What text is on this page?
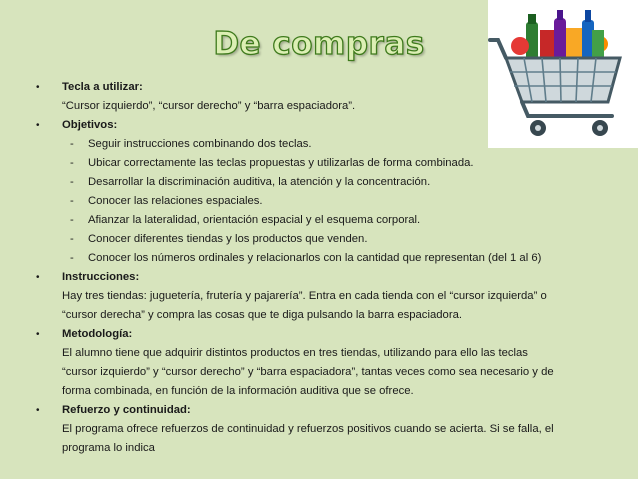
De compras
• Tecla a utilizar:
“Cursor izquierdo”, “cursor derecho” y “barra espaciadora”.
• Objetivos:
- Seguir instrucciones combinando dos teclas.
- Ubicar correctamente las teclas propuestas y utilizarlas de forma combinada.
- Desarrollar la discriminación auditiva, la atención y la concentración.
- Conocer las relaciones espaciales.
- Afianzar la lateralidad, orientación espacial y el esquema corporal.
- Conocer diferentes tiendas y los productos que venden.
- Conocer los números ordinales y relacionarlos con la cantidad que representan (del 1 al 6)
• Instrucciones:
Hay tres tiendas: juguetería, frutería y pajarería”. Entra en cada tienda con el “cursor izquierda” o
“cursor derecha” y compra las cosas que te diga pulsando la barra espaciadora.
• Metodología:
El alumno tiene que adquirir distintos productos en tres tiendas, utilizando para ello las teclas
“cursor izquierdo” y “cursor derecho” y “barra espaciadora”, tantas veces como sea necesario y de
forma combinada, en función de la información auditiva que se ofrece.
• Refuerzo y continuidad:
El programa ofrece refuerzos de continuidad y refuerzos positivos cuando se acierta. Si se falla, el
programa lo indica
